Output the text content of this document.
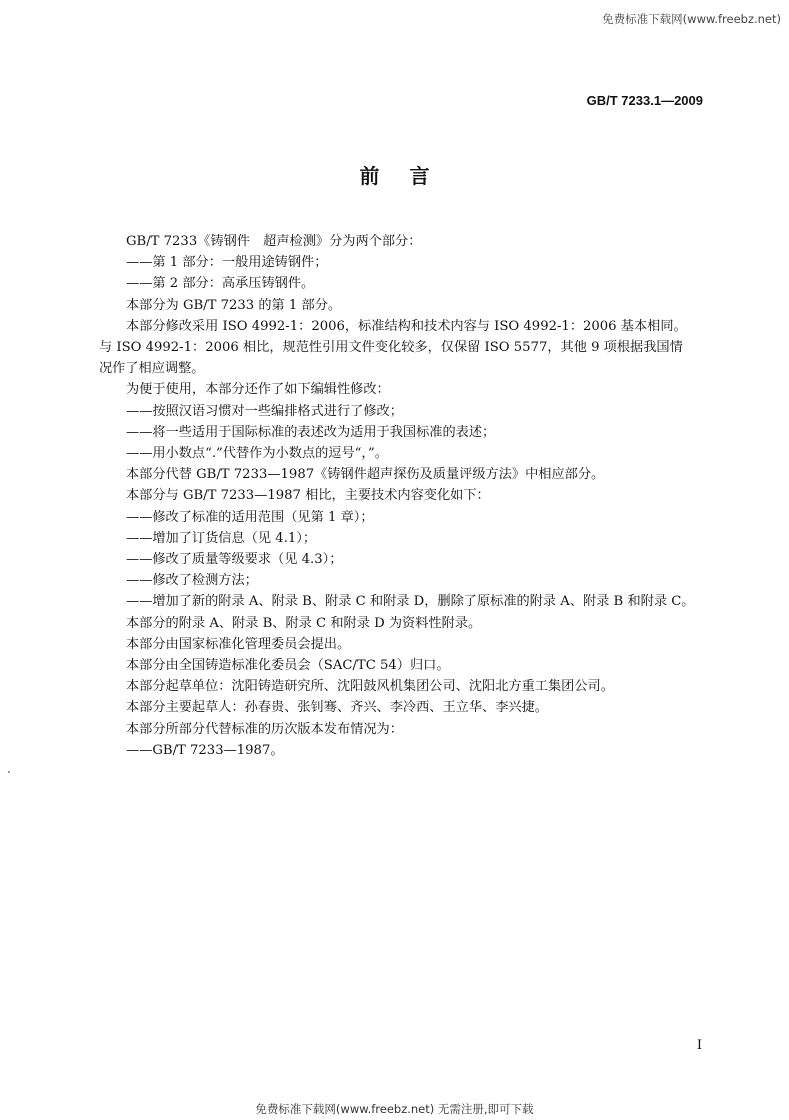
免费标准下载网(www.freebz.net)
GB/T 7233.1—2009
前言

GB/T 7233《铸钢件　超声检测》分为两个部分：

——第 1 部分：一般用途铸钢件；

——第 2 部分：高承压铸钢件。

本部分为 GB/T 7233 的第 1 部分。

本部分修改采用 ISO 4992-1：2006，标准结构和技术内容与 ISO 4992-1：2006 基本相同。与 ISO 4992-1：2006 相比，规范性引用文件变化较多，仅保留 ISO 5577，其他 9 项根据我国情况作了相应调整。

为便于使用，本部分还作了如下编辑性修改：

——按照汉语习惯对一些编排格式进行了修改；

——将一些适用于国际标准的表述改为适用于我国标准的表述；

——用小数点“.”代替作为小数点的逗号“，”。

本部分代替 GB/T 7233—1987《铸钢件超声探伤及质量评级方法》中相应部分。

本部分与 GB/T 7233—1987 相比，主要技术内容变化如下：

——修改了标准的适用范围（见第 1 章）；

——增加了订货信息（见 4.1）；

——修改了质量等级要求（见 4.3）；

——修改了检测方法；

——增加了新的附录 A、附录 B、附录 C 和附录 D，删除了原标准的附录 A、附录 B 和附录 C。

本部分的附录 A、附录 B、附录 C 和附录 D 为资料性附录。

本部分由国家标准化管理委员会提出。

本部分由全国铸造标准化委员会（SAC/TC 54）归口。

本部分起草单位：沈阳铸造研究所、沈阳鼓风机集团公司、沈阳北方重工集团公司。

本部分主要起草人：孙春贵、张钊骞、齐兴、李冷西、王立华、李兴捷。

本部分所部分代替标准的历次版本发布情况为：

——GB/T 7233—1987。

I
免费标准下载网(www.freebz.net) 无需注册,即可下载
